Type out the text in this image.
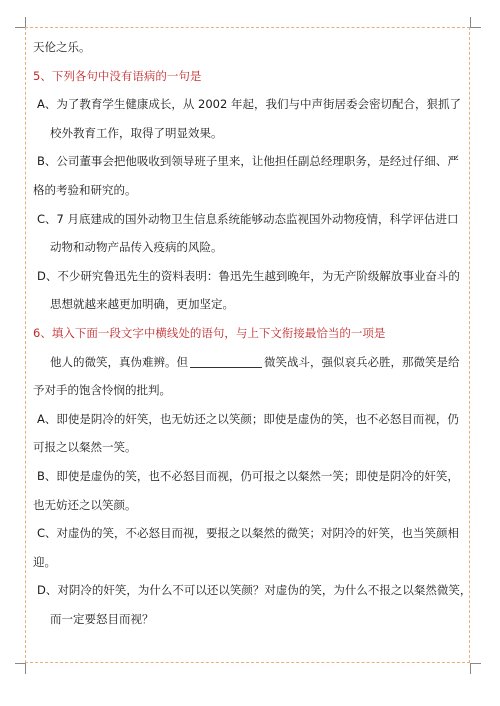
天伦之乐。
5、下列各句中没有语病的一句是
A、为了教育学生健康成长，从 2002 年起，我们与中声街居委会密切配合，狠抓了
校外教育工作，取得了明显效果。
B、公司董事会把他吸收到领导班子里来，让他担任副总经理职务，是经过仔细、严
格的考验和研究的。
C、7 月底建成的国外动物卫生信息系统能够动态监视国外动物疫情，科学评估进口
动物和动物产品传入疫病的风险。
D、不少研究鲁迅先生的资料表明：鲁迅先生越到晚年，为无产阶级解放事业奋斗的
思想就越来越更加明确，更加坚定。
6、填入下面一段文字中横线处的语句，与上下文衔接最恰当的一项是
他人的微笑，真伪难辨。但	微笑战斗，强似哀兵必胜，那微笑是给
予对手的饱含怜悯的批判。
A、即使是阴冷的奸笑，也无妨还之以笑颜；即使是虚伪的笑，也不必怒目而视，仍
可报之以粲然一笑。
B、即使是虚伪的笑，也不必怒目而视，仍可报之以粲然一笑；即使是阴冷的奸笑，
也无妨还之以笑颜。
C、对虚伪的笑，不必怒目而视，要报之以粲然的微笑；对阴冷的奸笑，也当笑颜相
迎。
D、对阴冷的奸笑，为什么不可以还以笑颜？对虚伪的笑，为什么不报之以粲然微笑，
而一定要怒目而视？
